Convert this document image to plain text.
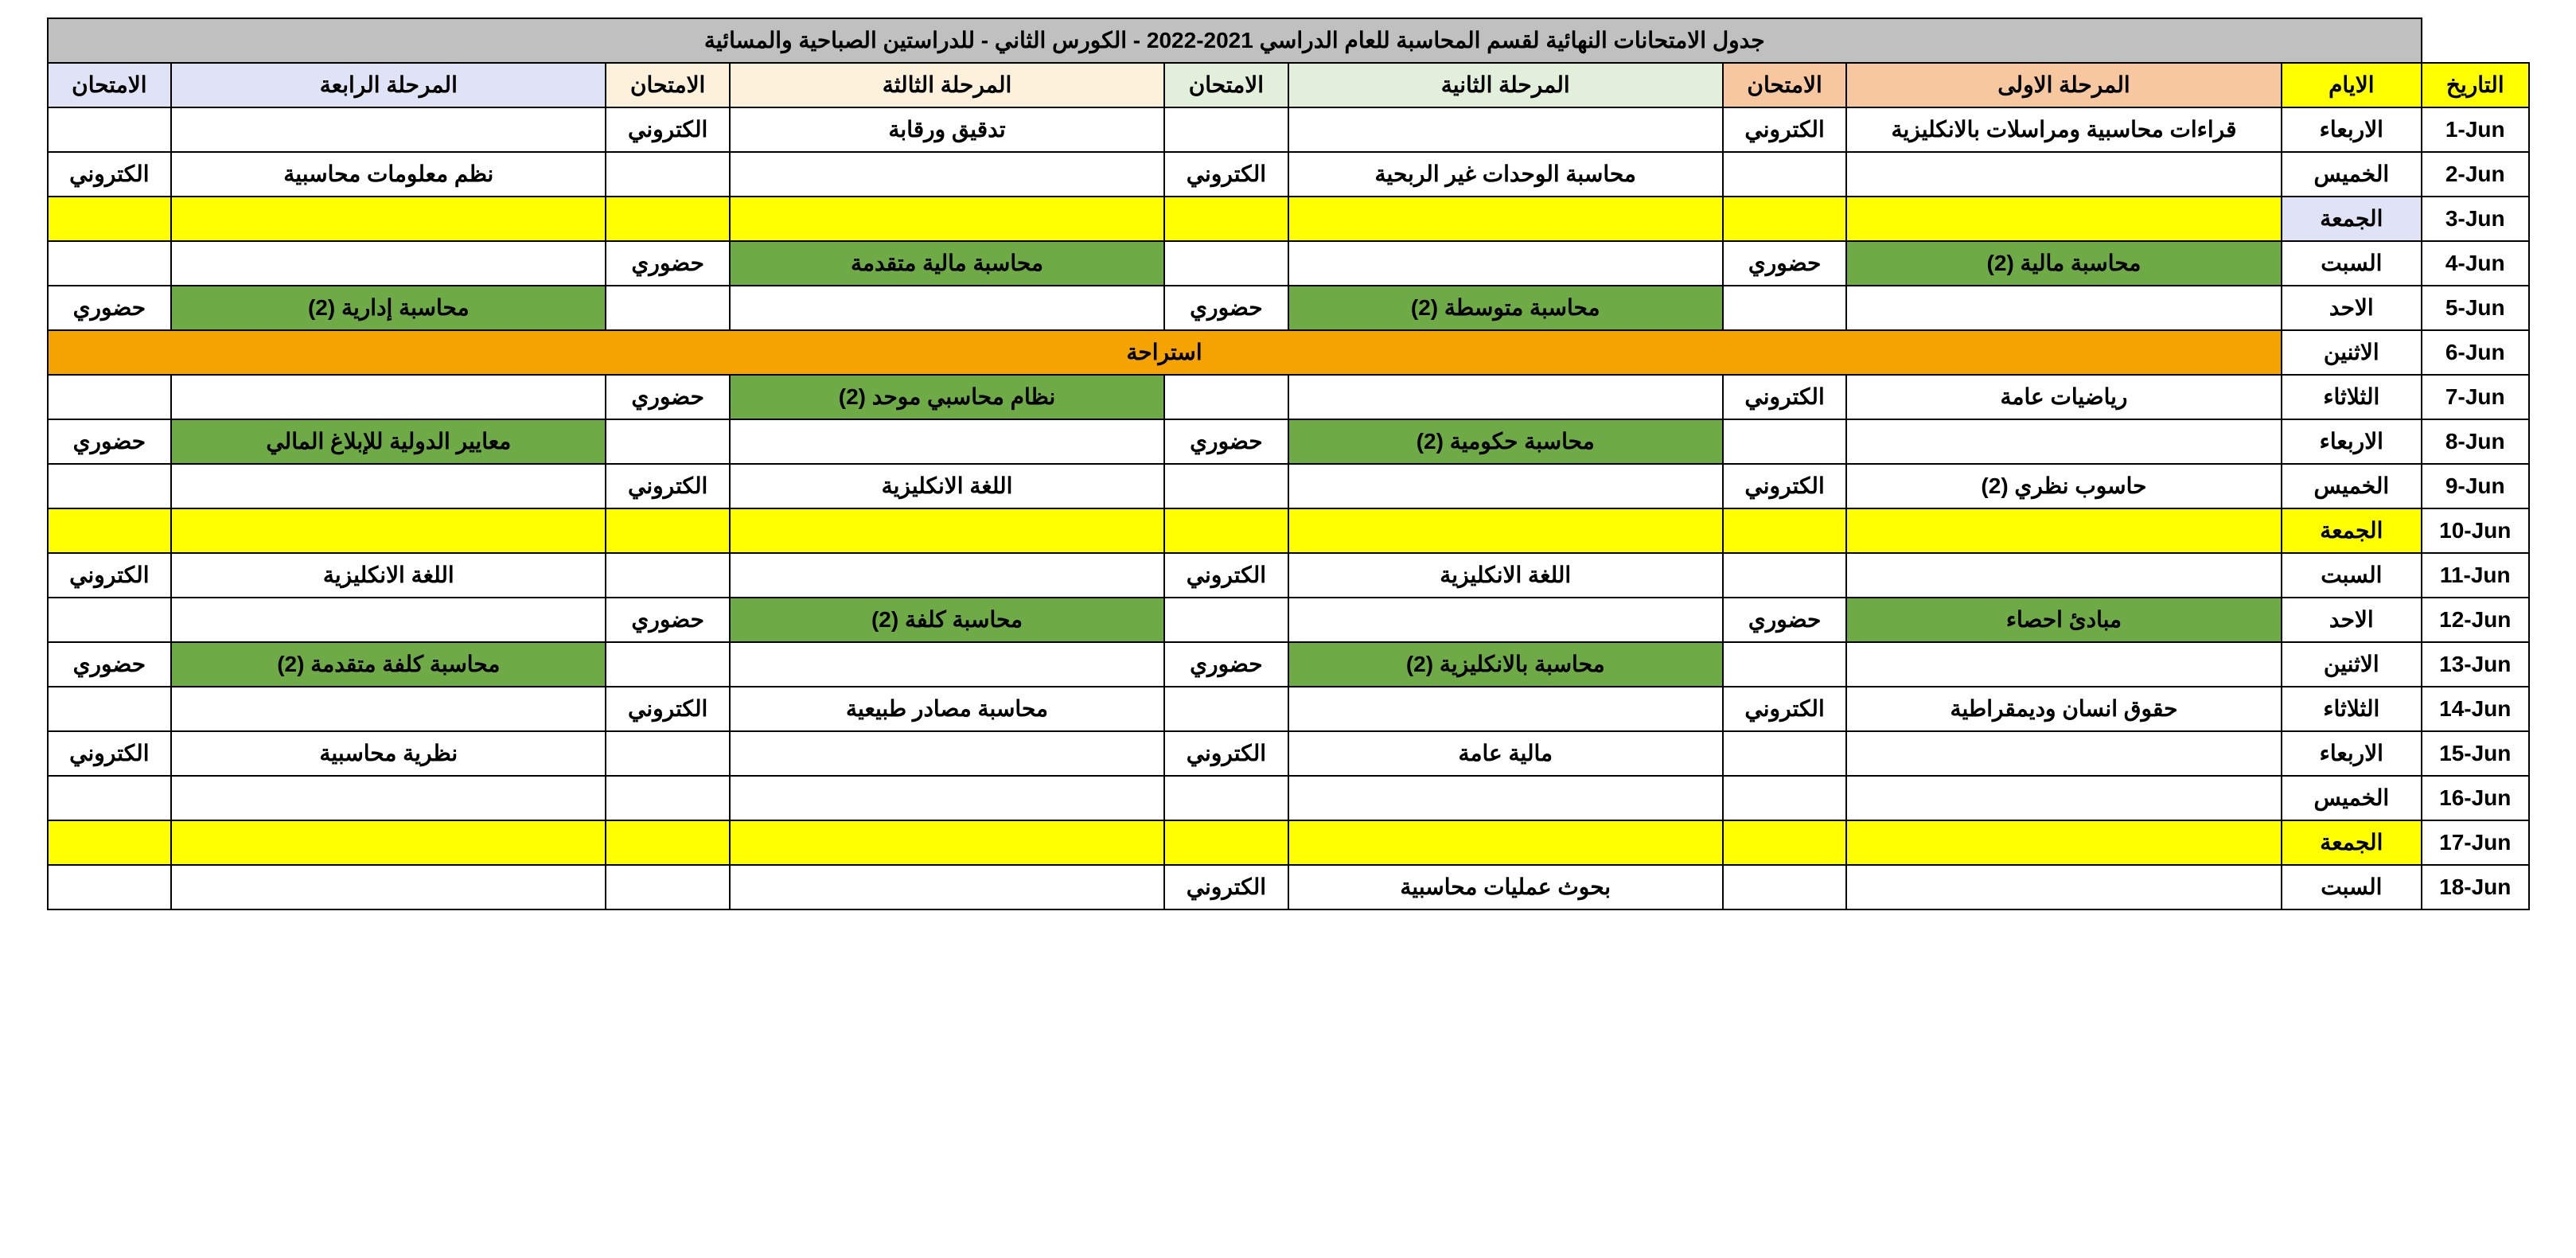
	جدول الامتحانات النهائية لقسم المحاسبة للعام الدراسي 2021-2022 - الكورس الثاني - للدراستين الصباحية والمسائية								
التاريخ	الايام	المرحلة الاولى	الامتحان	المرحلة الثانية	الامتحان	المرحلة الثالثة	الامتحان	المرحلة الرابعة	الامتحان
1-Jun	الاربعاء	قراءات محاسبية ومراسلات بالانكليزية	الكتروني			تدقيق ورقابة	الكتروني		
2-Jun	الخميس			محاسبة الوحدات غير الربحية	الكتروني			نظم معلومات محاسبية	الكتروني
3-Jun	الجمعة								
4-Jun	السبت	محاسبة مالية (2)	حضوري			محاسبة مالية متقدمة	حضوري		
5-Jun	الاحد			محاسبة متوسطة (2)	حضوري			محاسبة إدارية (2)	حضوري
6-Jun	الاثنين	استراحة							
7-Jun	الثلاثاء	رياضيات عامة	الكتروني			نظام محاسبي موحد (2)	حضوري		
8-Jun	الاربعاء			محاسبة حكومية (2)	حضوري			معايير الدولية للإبلاغ المالي	حضوري
9-Jun	الخميس	حاسوب نظري (2)	الكتروني			اللغة الانكليزية	الكتروني		
10-Jun	الجمعة								
11-Jun	السبت			اللغة الانكليزية	الكتروني			اللغة الانكليزية	الكتروني
12-Jun	الاحد	مبادئ احصاء	حضوري			محاسبة كلفة (2)	حضوري		
13-Jun	الاثنين			محاسبة بالانكليزية (2)	حضوري			محاسبة كلفة متقدمة (2)	حضوري
14-Jun	الثلاثاء	حقوق انسان وديمقراطية	الكتروني			محاسبة مصادر طبيعية	الكتروني		
15-Jun	الاربعاء			مالية عامة	الكتروني			نظرية محاسبية	الكتروني
16-Jun	الخميس								
17-Jun	الجمعة								
18-Jun	السبت			بحوث عمليات محاسبية	الكتروني				
